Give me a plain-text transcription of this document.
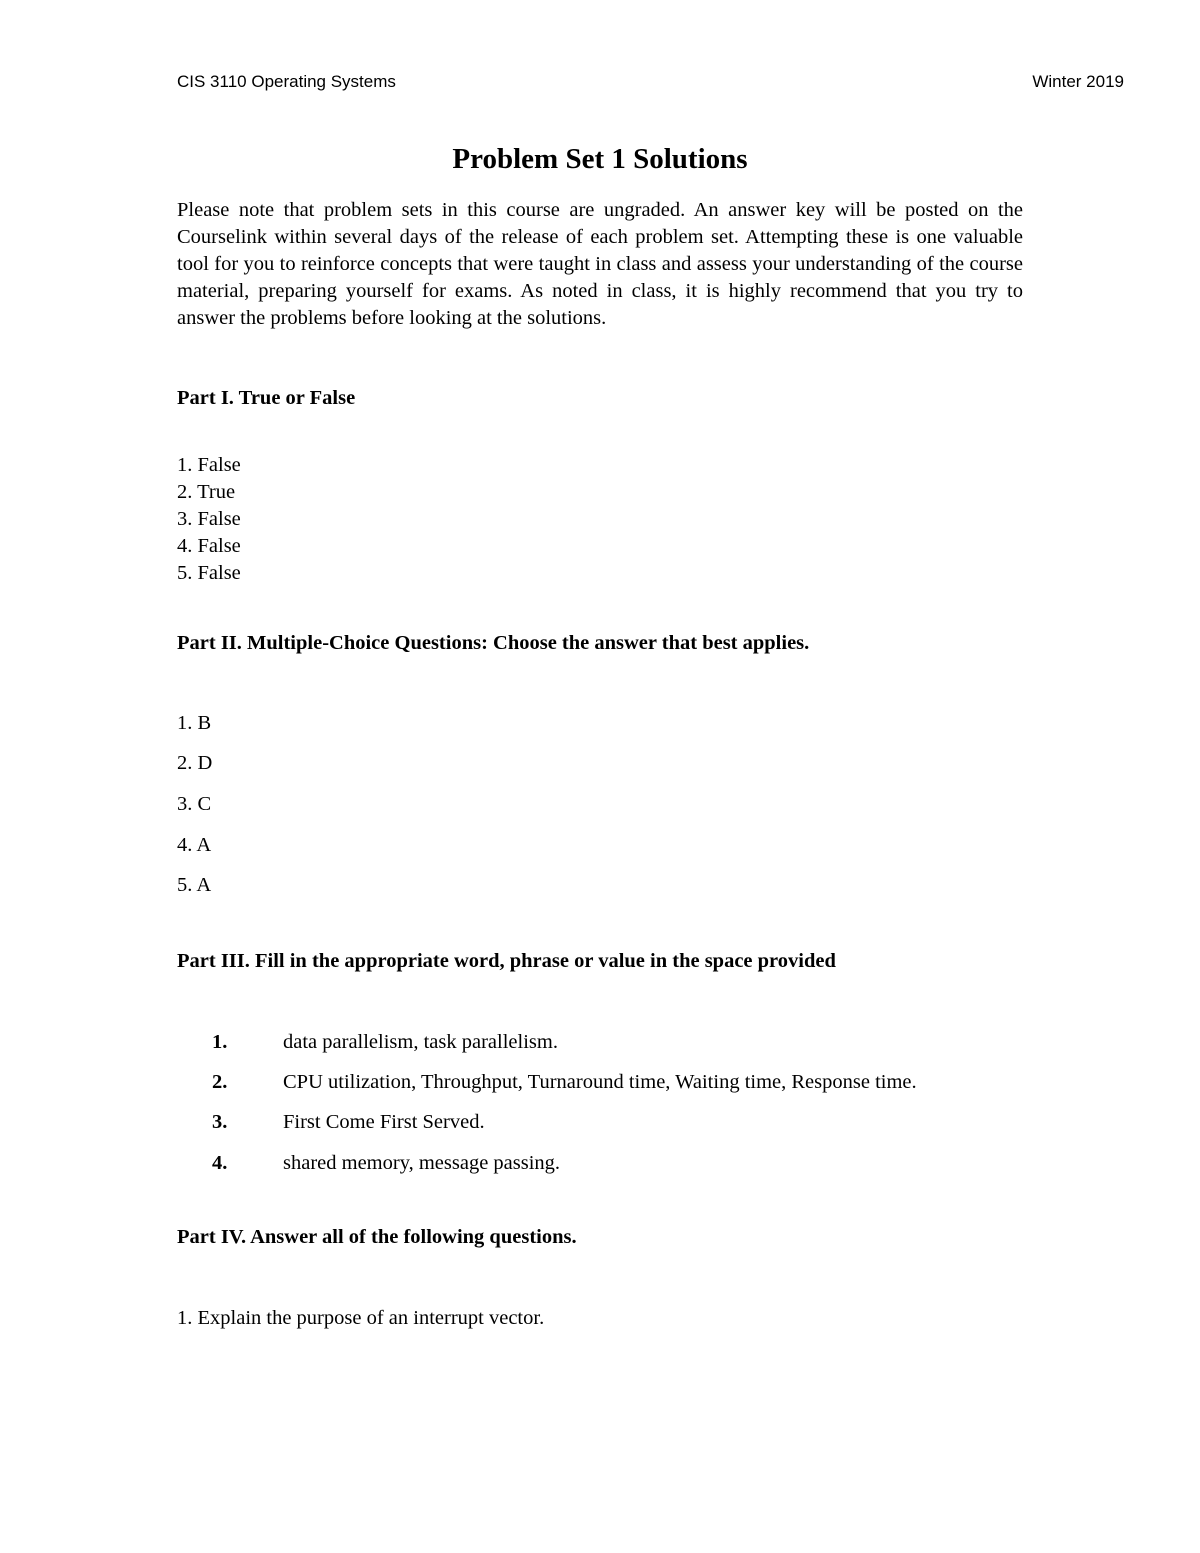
CIS 3110 Operating Systems	Winter 2019
Problem Set 1 Solutions
Please note that problem sets in this course are ungraded. An answer key will be posted on the Courselink within several days of the release of each problem set. Attempting these is one valuable tool for you to reinforce concepts that were taught in class and assess your understanding of the course material, preparing yourself for exams. As noted in class, it is highly recommend that you try to answer the problems before looking at the solutions.
Part I. True or False
1. False
2. True
3. False
4. False
5. False
Part II. Multiple-Choice Questions: Choose the answer that best applies.
1. B
2. D
3. C
4. A
5. A
Part III. Fill in the appropriate word, phrase or value in the space provided
1.	data parallelism, task parallelism.
2.	CPU utilization, Throughput, Turnaround time, Waiting time, Response time.
3.	First Come First Served.
4.	shared memory, message passing.
Part IV. Answer all of the following questions.
1. Explain the purpose of an interrupt vector.
